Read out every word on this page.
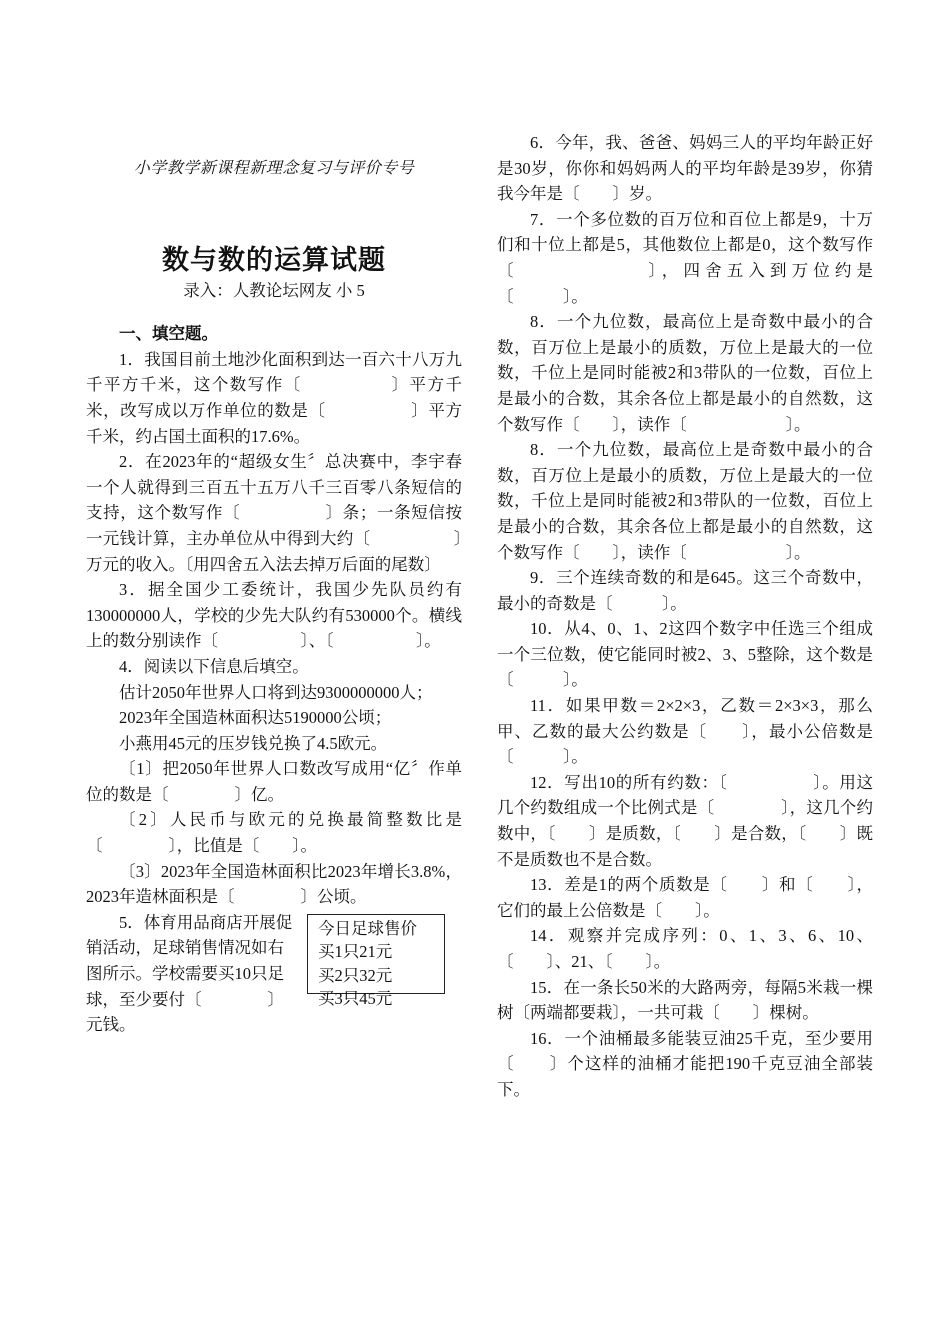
小学教学新课程新理念复习与评价专号

数与数的运算试题

录入：人教论坛网友 小 5

一、填空题。

1．我国目前土地沙化面积到达一百六十八万九千平方千米，这个数写作〔　　　　　〕平方千米，改写成以万作单位的数是〔　　　　　〕平方千米，约占国土面积的17.6%。

2．在2023年的“超级女生〞总决赛中，李宇春一个人就得到三百五十五万八千三百零八条短信的支持，这个数写作〔　　　　　〕条；一条短信按一元钱计算，主办单位从中得到大约〔　　　　　〕万元的收入。〔用四舍五入法去掉万后面的尾数〕

3．据全国少工委统计，我国少先队员约有130000000人，学校的少先大队约有530000个。横线上的数分别读作〔　　　　　〕、〔　　　　　〕。

4．阅读以下信息后填空。

估计2050年世界人口将到达9300000000人；

2023年全国造林面积达5190000公顷；

小燕用45元的压岁钱兑换了4.5欧元。

〔1〕把2050年世界人口数改写成用“亿〞作单位的数是〔　　　　〕亿。

〔2〕人民币与欧元的兑换最简整数比是〔　　　　〕，比值是〔　　〕。

〔3〕2023年全国造林面积比2023年增长3.8%，2023年造林面积是〔　　　　〕公顷。

5．体育用品商店开展促销活动，足球销售情况如右图所示。学校需要买10只足球，至少要付〔　　　　〕元钱。

今日足球售价

买1只21元

买2只32元

买3只45元

6．今年，我、爸爸、妈妈三人的平均年龄正好是30岁，你你和妈妈两人的平均年龄是39岁，你猜我今年是〔　　〕岁。

7．一个多位数的百万位和百位上都是9，十万们和十位上都是5，其他数位上都是0，这个数写作〔　　　　　　〕，四舍五入到万位约是〔　　　〕。

8．一个九位数，最高位上是奇数中最小的合数，百万位上是最小的质数，万位上是最大的一位数，千位上是同时能被2和3带队的一位数，百位上是最小的合数，其余各位上都是最小的自然数，这个数写作〔　　〕，读作〔　　　　　　〕。

8．一个九位数，最高位上是奇数中最小的合数，百万位上是最小的质数，万位上是最大的一位数，千位上是同时能被2和3带队的一位数，百位上是最小的合数，其余各位上都是最小的自然数，这个数写作〔　　〕，读作〔　　　　　　〕。

9．三个连续奇数的和是645。这三个奇数中，最小的奇数是〔　　　〕。

10．从4、0、1、2这四个数字中任选三个组成一个三位数，使它能同时被2、3、5整除，这个数是〔　　　〕。

11．如果甲数＝2×2×3，乙数＝2×3×3，那么甲、乙数的最大公约数是〔　　〕，最小公倍数是〔　　　〕。

12．写出10的所有约数：〔　　　　　〕。用这几个约数组成一个比例式是〔　　　　〕，这几个约数中，〔　　〕是质数，〔　　〕是合数，〔　　〕既不是质数也不是合数。

13．差是1的两个质数是〔　　〕和〔　　〕，它们的最上公倍数是〔　　〕。

14．观察并完成序列：0、1、3、6、10、〔　　〕、21、〔　　〕。

15．在一条长50米的大路两旁，每隔5米栽一棵树〔两端都要栽〕，一共可栽〔　　〕棵树。

16．一个油桶最多能装豆油25千克，至少要用〔　　〕个这样的油桶才能把190千克豆油全部装下。
